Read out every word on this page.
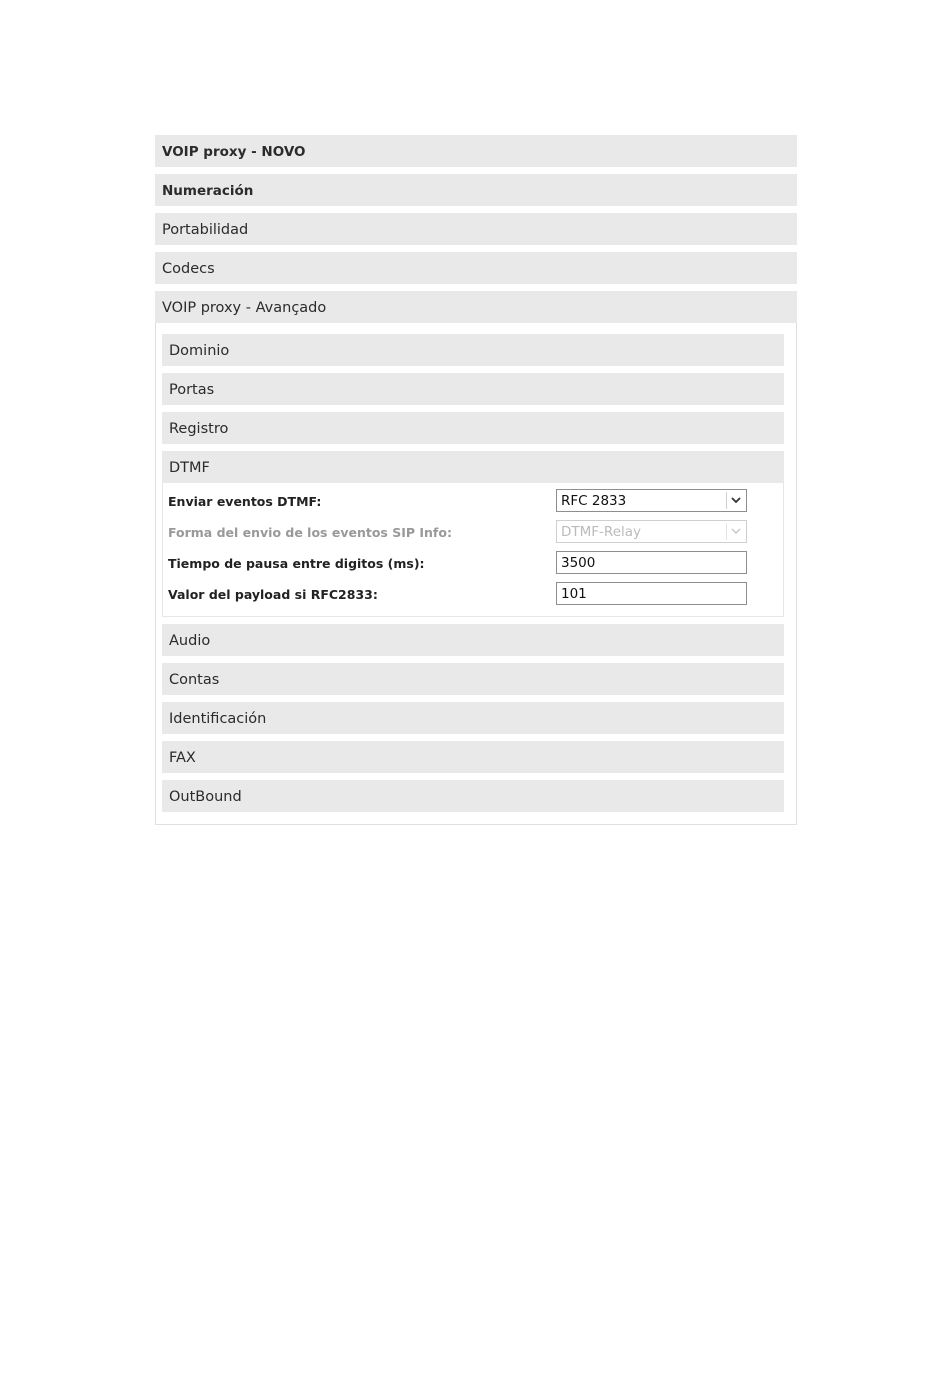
VOIP proxy - NOVO
Numeración
Portabilidad
Codecs
VOIP proxy - Avançado
Dominio
Portas
Registro
DTMF
Enviar eventos DTMF:	RFC 2833
Forma del envio de los eventos SIP Info:	DTMF-Relay
Tiempo de pausa entre digitos (ms):	3500
Valor del payload si RFC2833:	101
Audio
Contas
Identificación
FAX
OutBound
